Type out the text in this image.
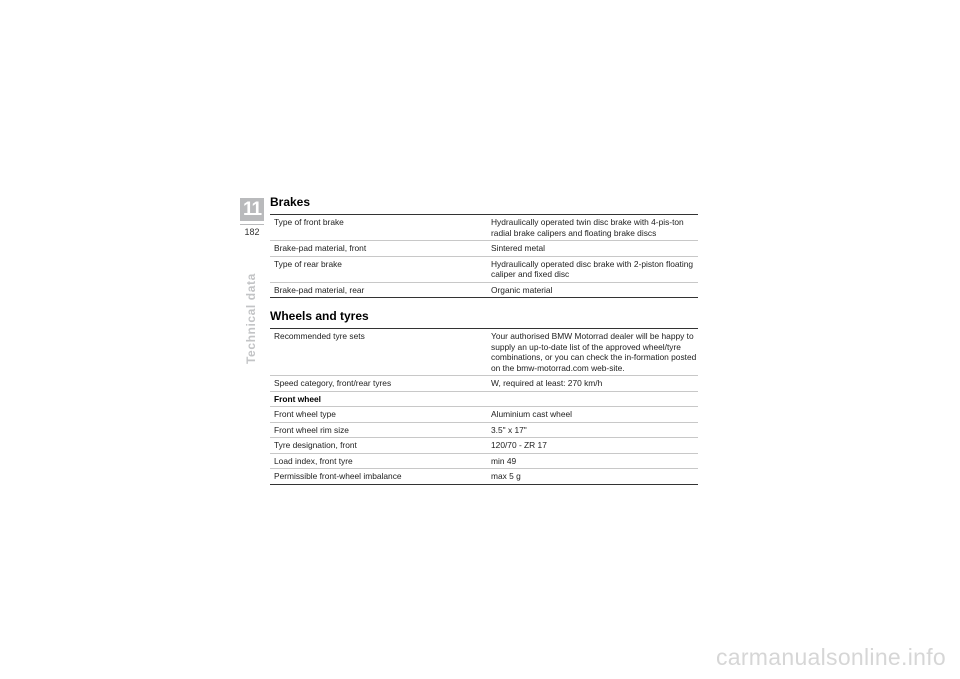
11
182
Technical data
Brakes
Type of front brake	Hydraulically operated twin disc brake with 4-pis-ton radial brake calipers and floating brake discs
Brake-pad material, front	Sintered metal
Type of rear brake	Hydraulically operated disc brake with 2-piston floating caliper and fixed disc
Brake-pad material, rear	Organic material
Wheels and tyres
Recommended tyre sets	Your authorised BMW Motorrad dealer will be happy to supply an up-to-date list of the approved wheel/tyre combinations, or you can check the in-formation posted on the bmw-motorrad.com web-site.
Speed category, front/rear tyres	W, required at least: 270 km/h
Front wheel	
Front wheel type	Aluminium cast wheel
Front wheel rim size	3.5" x 17"
Tyre designation, front	120/70 - ZR 17
Load index, front tyre	min 49
Permissible front-wheel imbalance	max 5 g
carmanualsonline.info
